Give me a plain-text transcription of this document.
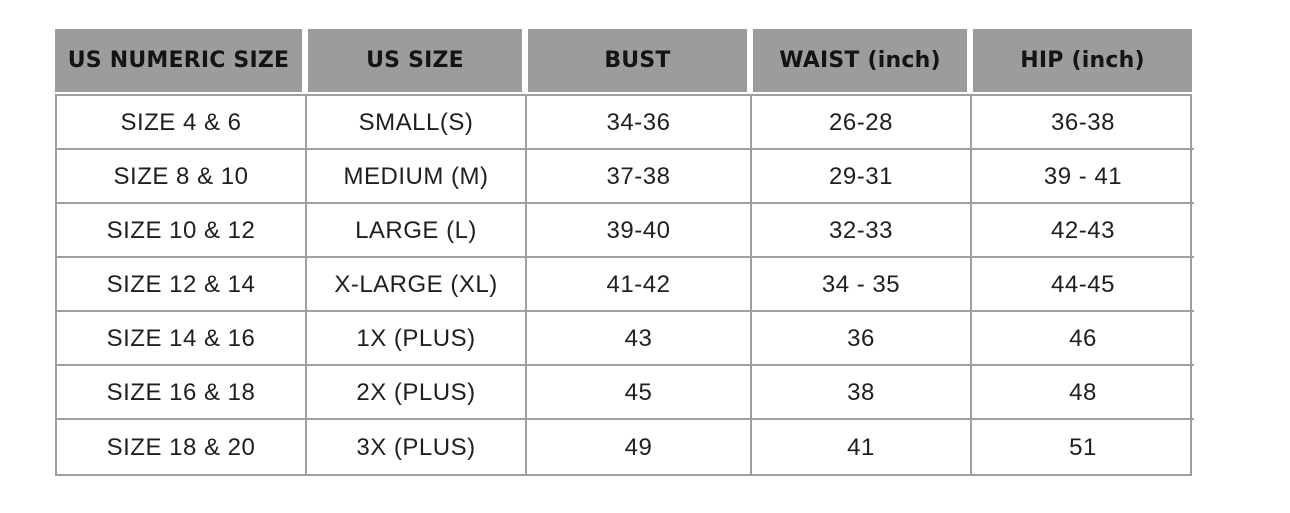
US NUMERIC SIZE	US SIZE	BUST	WAIST (inch)	HIP (inch)
SIZE 4 & 6	SMALL(S)	34-36	26-28	36-38
SIZE 8 & 10	MEDIUM (M)	37-38	29-31	39 - 41
SIZE 10 & 12	LARGE (L)	39-40	32-33	42-43
SIZE 12 & 14	X-LARGE (XL)	41-42	34 - 35	44-45
SIZE 14 & 16	1X (PLUS)	43	36	46
SIZE 16 & 18	2X (PLUS)	45	38	48
SIZE 18 & 20	3X (PLUS)	49	41	51
